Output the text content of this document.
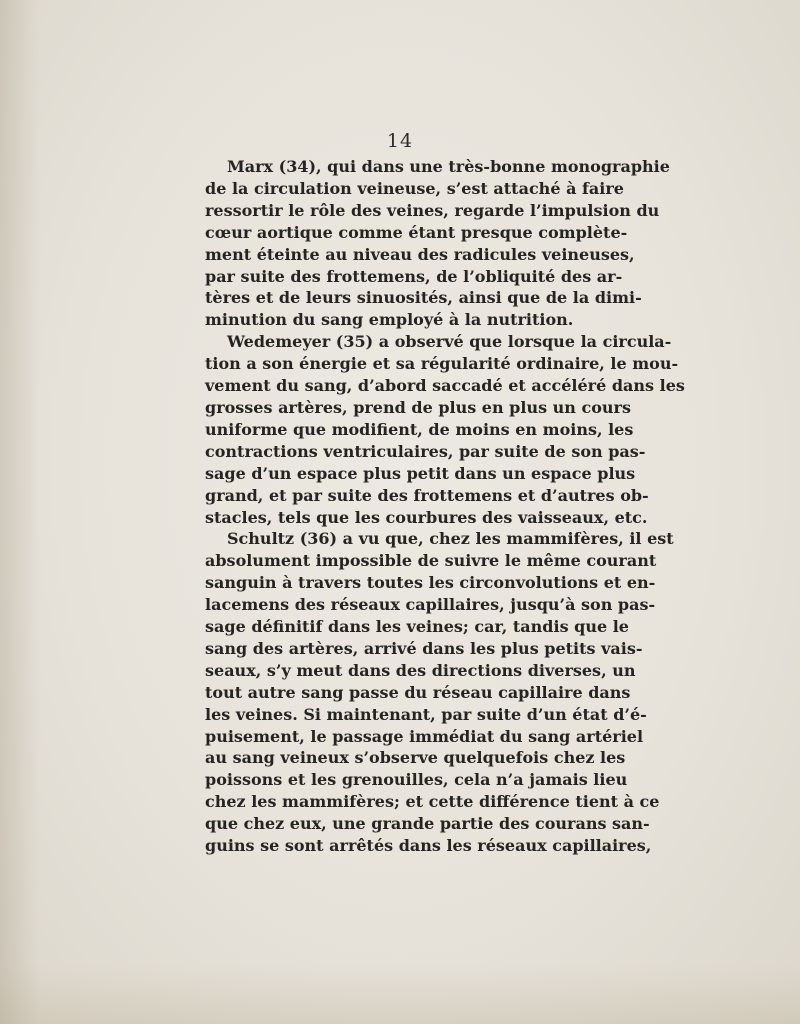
14
Marx (34), qui dans une très-bonne monographie
de la circulation veineuse, s’est attaché à faire
ressortir le rôle des veines, regarde l’impulsion du
cœur aortique comme étant presque complète-
ment éteinte au niveau des radicules veineuses,
par suite des frottemens, de l’obliquité des ar-
tères et de leurs sinuosités, ainsi que de la dimi-
minution du sang employé à la nutrition.
Wedemeyer (35) a observé que lorsque la circula-
tion a son énergie et sa régularité ordinaire, le mou-
vement du sang, d’abord saccadé et accéléré dans les
grosses artères, prend de plus en plus un cours
uniforme que modifient, de moins en moins, les
contractions ventriculaires, par suite de son pas-
sage d’un espace plus petit dans un espace plus
grand, et par suite des frottemens et d’autres ob-
stacles, tels que les courbures des vaisseaux, etc.
Schultz (36) a vu que, chez les mammifères, il est
absolument impossible de suivre le même courant
sanguin à travers toutes les circonvolutions et en-
lacemens des réseaux capillaires, jusqu’à son pas-
sage définitif dans les veines; car, tandis que le
sang des artères, arrivé dans les plus petits vais-
seaux, s’y meut dans des directions diverses, un
tout autre sang passe du réseau capillaire dans
les veines. Si maintenant, par suite d’un état d’é-
puisement, le passage immédiat du sang artériel
au sang veineux s’observe quelquefois chez les
poissons et les grenouilles, cela n’a jamais lieu
chez les mammifères; et cette différence tient à ce
que chez eux, une grande partie des courans san-
guins se sont arrêtés dans les réseaux capillaires,
